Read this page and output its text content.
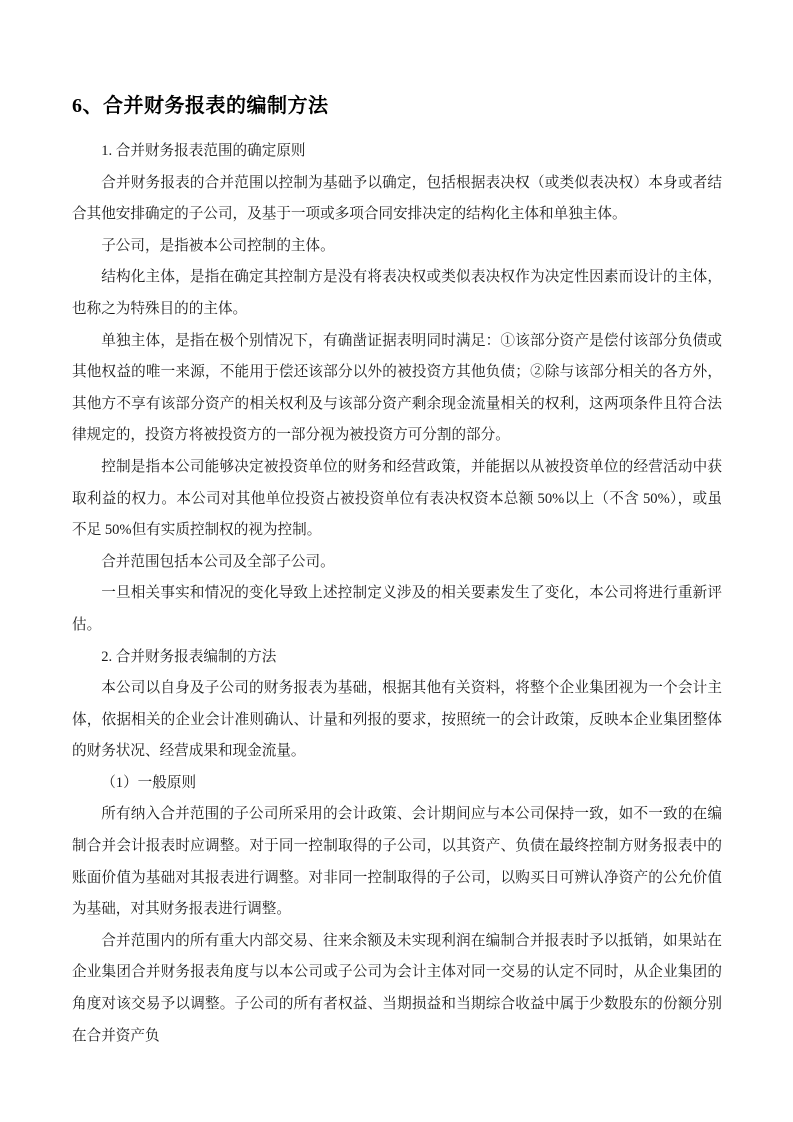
6、合并财务报表的编制方法

1. 合并财务报表范围的确定原则

合并财务报表的合并范围以控制为基础予以确定，包括根据表决权（或类似表决权）本身或者结合其他安排确定的子公司，及基于一项或多项合同安排决定的结构化主体和单独主体。

子公司，是指被本公司控制的主体。

结构化主体，是指在确定其控制方是没有将表决权或类似表决权作为决定性因素而设计的主体，也称之为特殊目的的主体。

单独主体，是指在极个别情况下，有确凿证据表明同时满足：①该部分资产是偿付该部分负债或其他权益的唯一来源，不能用于偿还该部分以外的被投资方其他负债；②除与该部分相关的各方外，其他方不享有该部分资产的相关权利及与该部分资产剩余现金流量相关的权利，这两项条件且符合法律规定的，投资方将被投资方的一部分视为被投资方可分割的部分。

控制是指本公司能够决定被投资单位的财务和经营政策，并能据以从被投资单位的经营活动中获取利益的权力。本公司对其他单位投资占被投资单位有表决权资本总额 50%以上（不含 50%），或虽不足 50%但有实质控制权的视为控制。

合并范围包括本公司及全部子公司。

一旦相关事实和情况的变化导致上述控制定义涉及的相关要素发生了变化，本公司将进行重新评估。

2. 合并财务报表编制的方法

本公司以自身及子公司的财务报表为基础，根据其他有关资料，将整个企业集团视为一个会计主体，依据相关的企业会计准则确认、计量和列报的要求，按照统一的会计政策，反映本企业集团整体的财务状况、经营成果和现金流量。

（1）一般原则

所有纳入合并范围的子公司所采用的会计政策、会计期间应与本公司保持一致，如不一致的在编制合并会计报表时应调整。对于同一控制取得的子公司，以其资产、负债在最终控制方财务报表中的账面价值为基础对其报表进行调整。对非同一控制取得的子公司，以购买日可辨认净资产的公允价值为基础，对其财务报表进行调整。

合并范围内的所有重大内部交易、往来余额及未实现利润在编制合并报表时予以抵销，如果站在企业集团合并财务报表角度与以本公司或子公司为会计主体对同一交易的认定不同时，从企业集团的角度对该交易予以调整。子公司的所有者权益、当期损益和当期综合收益中属于少数股东的份额分别在合并资产负
